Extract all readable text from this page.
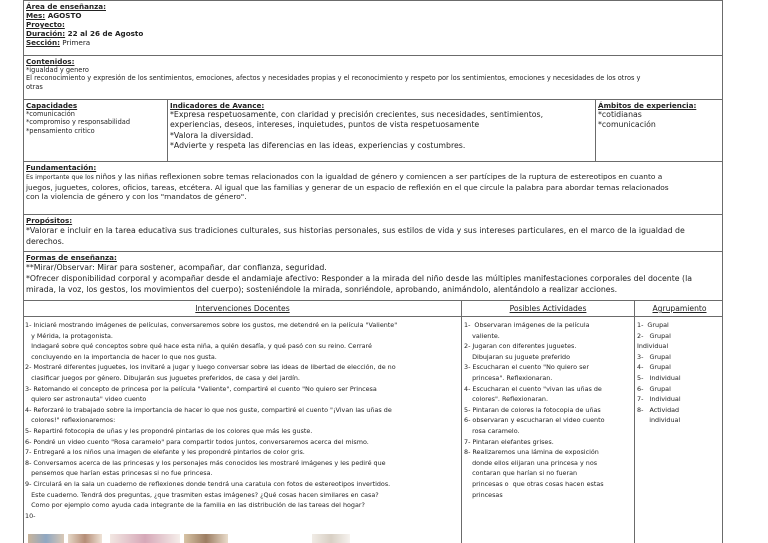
Área de enseñanza:
Mes: AGOSTO
Proyecto:
Duración: 22 al 26 de Agosto
Sección: Primera
Contenidos:
*igualdad y genero
El reconocimiento y expresión de los sentimientos, emociones, afectos y necesidades propias y el reconocimiento y respeto por los sentimientos, emociones y necesidades de los otros y
otras
Capacidades
*comunicación
*compromiso y responsabilidad
*pensamiento critico
Indicadores de Avance:
*Expresa respetuosamente, con claridad y precisión crecientes, sus necesidades, sentimientos,
experiencias, deseos, intereses, inquietudes, puntos de vista respetuosamente
*Valora la diversidad.
*Advierte y respeta las diferencias en las ideas, experiencias y costumbres.
Ámbitos de experiencia:
*cotidianas
*comunicación
Fundamentación:
Es importante que los niños y las niñas reflexionen sobre temas relacionados con la igualdad de género y comiencen a ser partícipes de la ruptura de estereotipos en cuanto a
juegos, juguetes, colores, oficios, tareas, etcétera. Al igual que las familias y generar de un espacio de reflexión en el que circule la palabra para abordar temas relacionados
con la violencia de género y con los "mandatos de género".
Propósitos:
*Valorar e incluir en la tarea educativa sus tradiciones culturales, sus historias personales, sus estilos de vida y sus intereses particulares, en el marco de la igualdad de
derechos.
Formas de enseñanza:
**Mirar/Observar: Mirar para sostener, acompañar, dar confianza, seguridad.
*Ofrecer disponibilidad corporal y acompañar desde el andamiaje afectivo: Responder a la mirada del niño desde las múltiples manifestaciones corporales del docente (la
mirada, la voz, los gestos, los movimientos del cuerpo); sosteniéndole la mirada, sonriéndole, aprobando, animándolo, alentándolo a realizar acciones.
Intervenciones Docentes	Posibles Actividades	Agrupamiento
1- Iniciaré mostrando imágenes de películas, conversaremos sobre los gustos, me detendré en la película "Valiente"
y Mérida, la protagonista.
Indagaré sobre qué conceptos sobre qué hace esta niña, a quién desafía, y qué pasó con su reino. Cerraré
concluyendo en la importancia de hacer lo que nos gusta.
2- Mostraré diferentes juguetes, los invitaré a jugar y luego conversar sobre las ideas de libertad de elección, de no
clasificar juegos por género. Dibujarán sus juguetes preferidos, de casa y del jardín.
3- Retomando el concepto de princesa por la película "Valiente", compartiré el cuento "No quiero ser Princesa
quiero ser astronauta" video cuento
4- Reforzaré lo trabajado sobre la importancia de hacer lo que nos guste, compartiré el cuento "¡Vivan las uñas de
colores!" reflexionaremos:
5- Repartiré fotocopia de uñas y les propondré pintarlas de los colores que más les guste.
6- Pondré un video cuento "Rosa caramelo" para compartir todos juntos, conversaremos acerca del mismo.
7- Entregaré a los niños una imagen de elefante y les propondré pintarlos de color gris.
8- Conversamos acerca de las princesas y los personajes más conocidos les mostraré imágenes y les pediré que
pensemos que harían estas princesas si no fue princesa.
9- Circulará en la sala un cuaderno de reflexiones donde tendrá una caratula con fotos de estereotipos invertidos.
Este cuaderno. Tendrá dos preguntas, ¿que trasmiten estas imágenes? ¿Qué cosas hacen similares en casa?
Como por ejemplo como ayuda cada integrante de la familia en las distribución de las tareas del hogar?
10-
1-  Observaran imágenes de la película
valiente.
2- Jugaran con diferentes juguetes.
Dibujaran su juguete preferido
3- Escucharan el cuento "No quiero ser
princesa". Reflexionaran.
4- Escucharan el cuento "vivan las uñas de
colores". Reflexionaran.
5- Pintaran de colores la fotocopia de uñas
6- observaran y escucharan el video cuento
rosa caramelo.
7- Pintaran elefantes grises.
8- Realizaremos una lámina de exposición
donde ellos elijaran una princesa y nos
contaran que harían si no fueran
princesas o  que otras cosas hacen estas
princesas
1-  Grupal
2-   Grupal
Individual
3-   Grupal
4-   Grupal
5-   Individual
6-   Grupal
7-   Individual
8-   Actividad
individual
